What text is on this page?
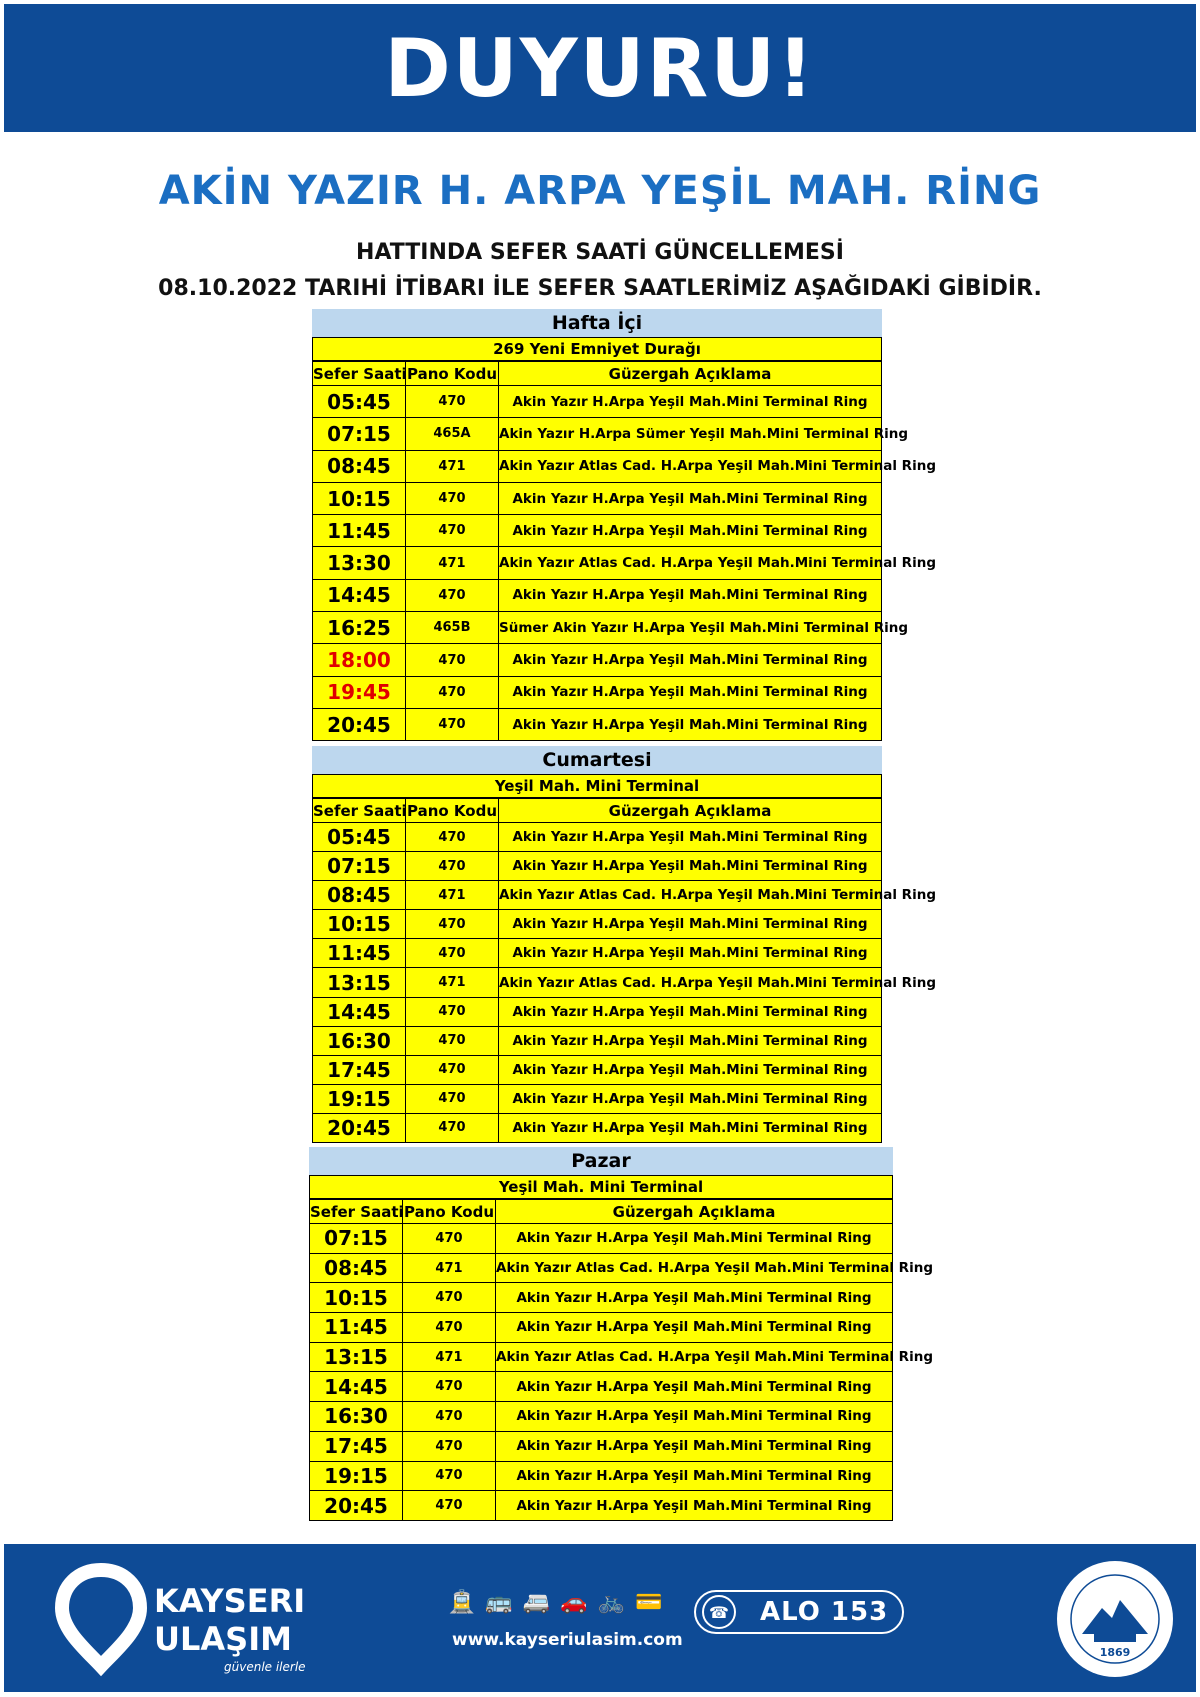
DUYURU!
AKİN YAZIR H. ARPA YEŞİL MAH. RİNG
HATTINDA SEFER SAATİ GÜNCELLEMESİ
08.10.2022 TARIHİ İTİBARI İLE SEFER SAATLERİMİZ AŞAĞIDAKİ GİBİDİR.
Hafta İçi
269 Yeni Emniyet Durağı
Sefer Saati	Pano Kodu	Güzergah Açıklama
05:45	470	Akin Yazır H.Arpa Yeşil Mah.Mini Terminal Ring
07:15	465A	Akin Yazır H.Arpa Sümer Yeşil Mah.Mini Terminal Ring
08:45	471	Akin Yazır Atlas Cad. H.Arpa Yeşil Mah.Mini Terminal Ring
10:15	470	Akin Yazır H.Arpa Yeşil Mah.Mini Terminal Ring
11:45	470	Akin Yazır H.Arpa Yeşil Mah.Mini Terminal Ring
13:30	471	Akin Yazır Atlas Cad. H.Arpa Yeşil Mah.Mini Terminal Ring
14:45	470	Akin Yazır H.Arpa Yeşil Mah.Mini Terminal Ring
16:25	465B	Sümer Akin Yazır H.Arpa Yeşil Mah.Mini Terminal Ring
18:00	470	Akin Yazır H.Arpa Yeşil Mah.Mini Terminal Ring
19:45	470	Akin Yazır H.Arpa Yeşil Mah.Mini Terminal Ring
20:45	470	Akin Yazır H.Arpa Yeşil Mah.Mini Terminal Ring
Cumartesi
Yeşil Mah. Mini Terminal
Sefer Saati	Pano Kodu	Güzergah Açıklama
05:45	470	Akin Yazır H.Arpa Yeşil Mah.Mini Terminal Ring
07:15	470	Akin Yazır H.Arpa Yeşil Mah.Mini Terminal Ring
08:45	471	Akin Yazır Atlas Cad. H.Arpa Yeşil Mah.Mini Terminal Ring
10:15	470	Akin Yazır H.Arpa Yeşil Mah.Mini Terminal Ring
11:45	470	Akin Yazır H.Arpa Yeşil Mah.Mini Terminal Ring
13:15	471	Akin Yazır Atlas Cad. H.Arpa Yeşil Mah.Mini Terminal Ring
14:45	470	Akin Yazır H.Arpa Yeşil Mah.Mini Terminal Ring
16:30	470	Akin Yazır H.Arpa Yeşil Mah.Mini Terminal Ring
17:45	470	Akin Yazır H.Arpa Yeşil Mah.Mini Terminal Ring
19:15	470	Akin Yazır H.Arpa Yeşil Mah.Mini Terminal Ring
20:45	470	Akin Yazır H.Arpa Yeşil Mah.Mini Terminal Ring
Pazar
Yeşil Mah. Mini Terminal
Sefer Saati	Pano Kodu	Güzergah Açıklama
07:15	470	Akin Yazır H.Arpa Yeşil Mah.Mini Terminal Ring
08:45	471	Akin Yazır Atlas Cad. H.Arpa Yeşil Mah.Mini Terminal Ring
10:15	470	Akin Yazır H.Arpa Yeşil Mah.Mini Terminal Ring
11:45	470	Akin Yazır H.Arpa Yeşil Mah.Mini Terminal Ring
13:15	471	Akin Yazır Atlas Cad. H.Arpa Yeşil Mah.Mini Terminal Ring
14:45	470	Akin Yazır H.Arpa Yeşil Mah.Mini Terminal Ring
16:30	470	Akin Yazır H.Arpa Yeşil Mah.Mini Terminal Ring
17:45	470	Akin Yazır H.Arpa Yeşil Mah.Mini Terminal Ring
19:15	470	Akin Yazır H.Arpa Yeşil Mah.Mini Terminal Ring
20:45	470	Akin Yazır H.Arpa Yeşil Mah.Mini Terminal Ring
KAYSERI
ULAŞIM
güvenle ilerle
🚊 🚌 🚐 🚗 🚲 💳
www.kayseriulasim.com
☎ ALO 153
1869
